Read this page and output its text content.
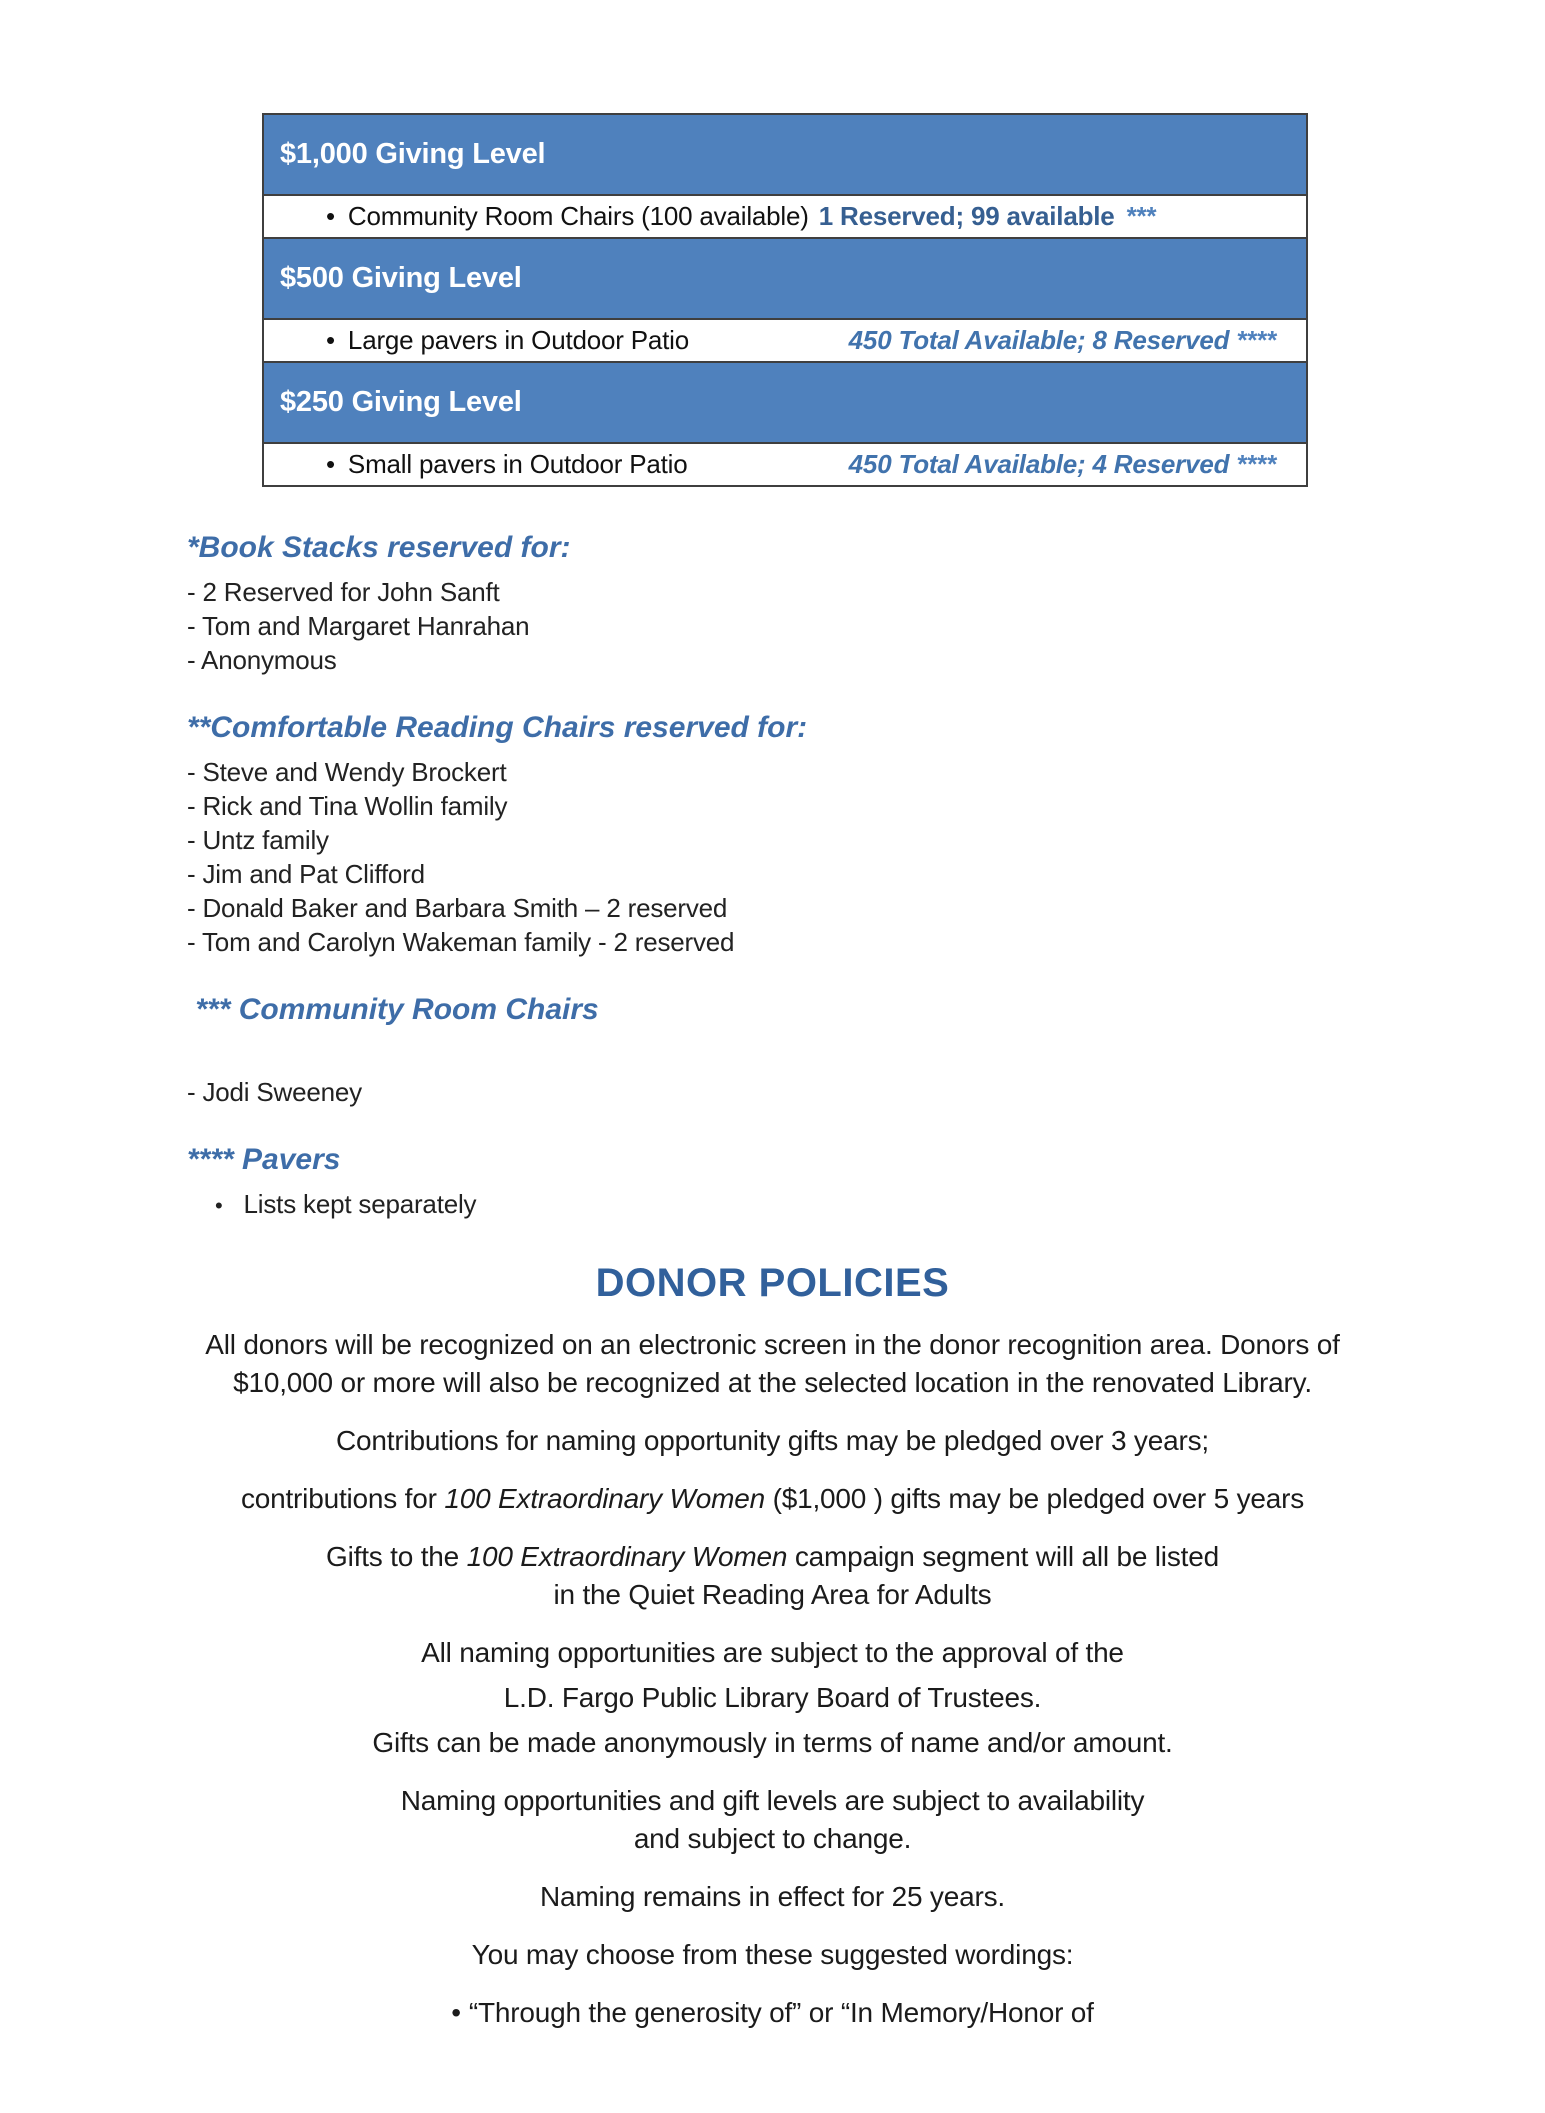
$1,000 Giving Level

• Community Room Chairs (100 available) 1 Reserved; 99 available ***

$500 Giving Level

• Large pavers in Outdoor Patio	450 Total Available; 8 Reserved ****

$250 Giving Level

• Small pavers in Outdoor Patio	450 Total Available; 4 Reserved ****
*Book Stacks reserved for:
- 2 Reserved for John Sanft
- Tom and Margaret Hanrahan
- Anonymous
**Comfortable Reading Chairs reserved for:
- Steve and Wendy Brockert
- Rick and Tina Wollin family
- Untz family
- Jim and Pat Clifford
- Donald Baker and Barbara Smith – 2 reserved
- Tom and Carolyn Wakeman family - 2 reserved
*** Community Room Chairs
- Jodi Sweeney
**** Pavers
• Lists kept separately
DONOR POLICIES
All donors will be recognized on an electronic screen in the donor recognition area. Donors of
$10,000 or more will also be recognized at the selected location in the renovated Library.
Contributions for naming opportunity gifts may be pledged over 3 years;
contributions for 100 Extraordinary Women ($1,000 ) gifts may be pledged over 5 years
Gifts to the 100 Extraordinary Women campaign segment will all be listed
in the Quiet Reading Area for Adults
All naming opportunities are subject to the approval of the
L.D. Fargo Public Library Board of Trustees.
Gifts can be made anonymously in terms of name and/or amount.
Naming opportunities and gift levels are subject to availability
and subject to change.
Naming remains in effect for 25 years.
You may choose from these suggested wordings:
• “Through the generosity of” or “In Memory/Honor of
